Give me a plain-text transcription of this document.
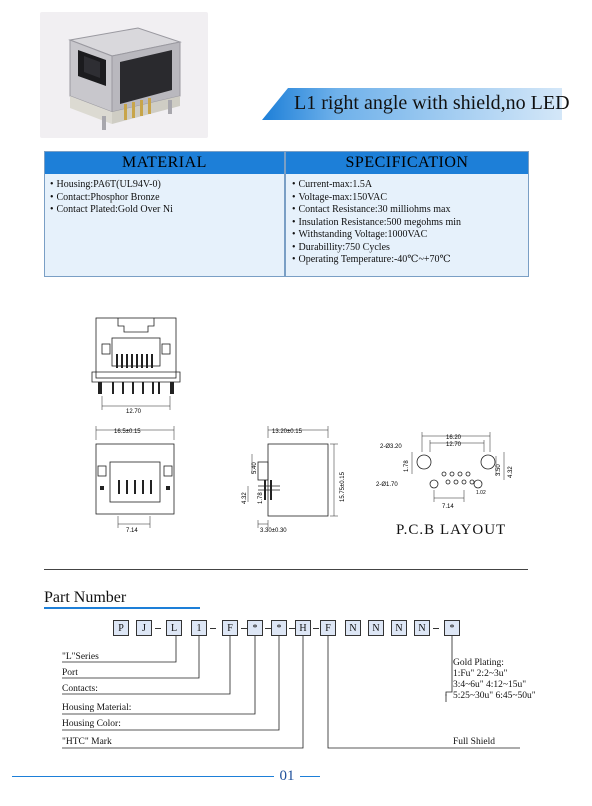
L1 right angle with shield,no LED
MATERIAL	SPECIFICATION
• Housing:PA6T(UL94V-0)
• Contact:Phosphor Bronze
• Contact Plated:Gold Over Ni
• Current-max:1.5A
• Voltage-max:150VAC
• Contact Resistance:30 milliohms max
• Insulation Resistance:500 megohms min
• Withstanding Voltage:1000VAC
• Durabillity:750 Cycles
• Operating Temperature:-40℃~+70℃
12.70
16.5±0.15
7.14
13.20±0.15
15.75±0.15
5.40
4.32 1.78
3.30±0.30
16.20
12.70
2-Ø3.20
2-Ø1.70
1.78	3.50 4.32
7.14
1.02
P.C.B LAYOUT
Part Number
P	J	L	1	F	*	*	H	F	N	N	N	N	*
"L"Series
Port
Contacts:
Housing Material:
Housing Color:
"HTC" Mark
Gold Plating:
1:Fu" 2:2~3u"
3:4~6u" 4:12~15u"
5:25~30u" 6:45~50u"
Full Shield
01
